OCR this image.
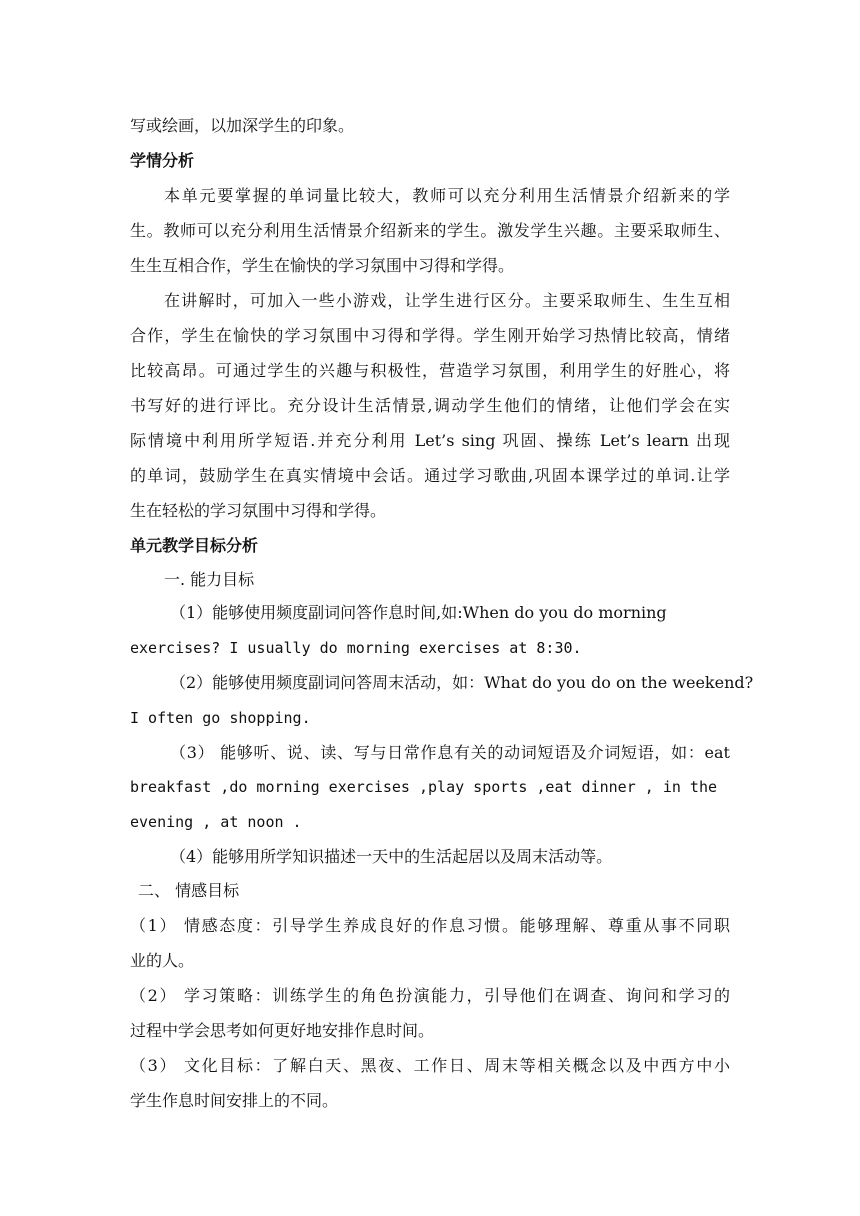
写或绘画，以加深学生的印象。
学情分析
本单元要掌握的单词量比较大，教师可以充分利用生活情景介绍新来的学
生。教师可以充分利用生活情景介绍新来的学生。激发学生兴趣。主要采取师生、
生生互相合作，学生在愉快的学习氛围中习得和学得。
在讲解时，可加入一些小游戏，让学生进行区分。主要采取师生、生生互相
合作，学生在愉快的学习氛围中习得和学得。学生刚开始学习热情比较高，情绪
比较高昂。可通过学生的兴趣与积极性，营造学习氛围，利用学生的好胜心，将
书写好的进行评比。充分设计生活情景,调动学生他们的情绪，让他们学会在实
际情境中利用所学短语.并充分利用 Let’s sing 巩固、操练 Let’s learn 出现
的单词，鼓励学生在真实情境中会话。通过学习歌曲,巩固本课学过的单词.让学
生在轻松的学习氛围中习得和学得。
单元教学目标分析
一. 能力目标
（1）能够使用频度副词问答作息时间,如:When do you do morning
exercises? I usually do morning exercises at 8:30.
（2）能够使用频度副词问答周末活动，如：What do you do on the weekend?
I often go shopping.
（3） 能够听、说、读、写与日常作息有关的动词短语及介词短语，如：eat
breakfast ,do morning exercises ,play sports ,eat dinner , in the
evening , at noon .
（4）能够用所学知识描述一天中的生活起居以及周末活动等。
二、 情感目标
（1） 情感态度：引导学生养成良好的作息习惯。能够理解、尊重从事不同职
业的人。
（2） 学习策略：训练学生的角色扮演能力，引导他们在调查、询问和学习的
过程中学会思考如何更好地安排作息时间。
（3） 文化目标：了解白天、黑夜、工作日、周末等相关概念以及中西方中小
学生作息时间安排上的不同。
